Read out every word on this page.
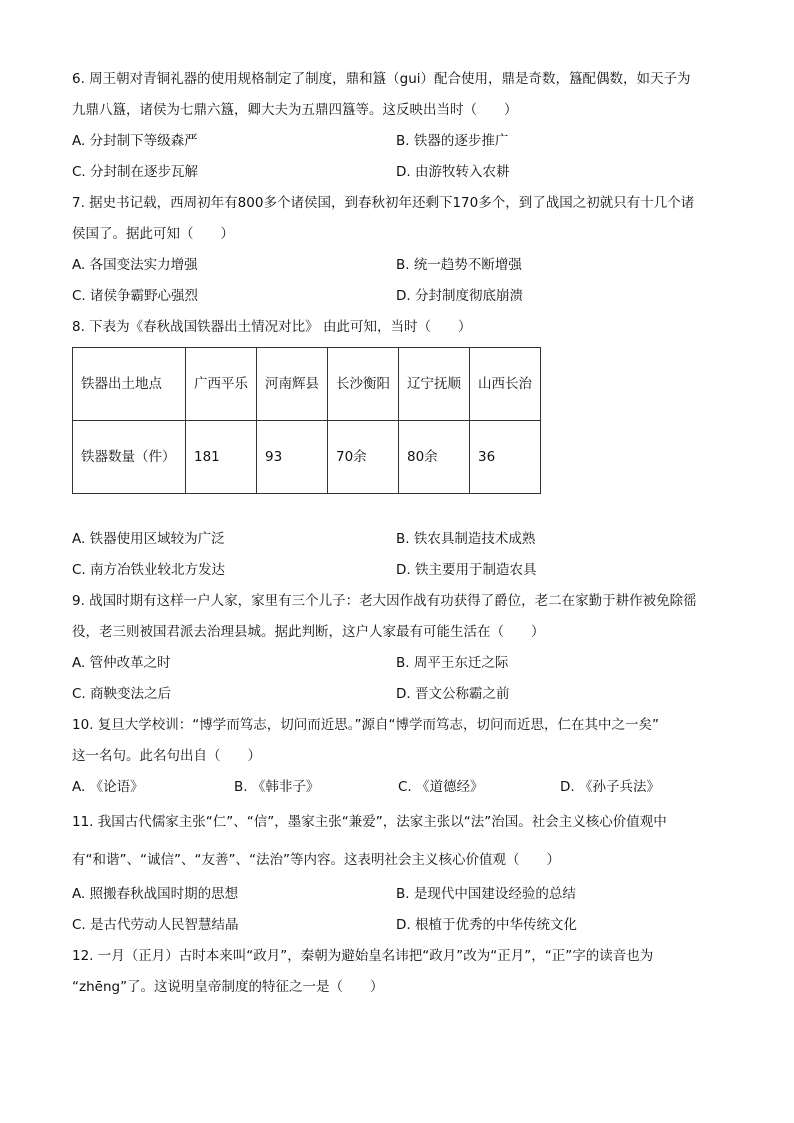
6. 周王朝对青铜礼器的使用规格制定了制度，鼎和簋（gui）配合使用，鼎是奇数，簋配偶数，如天子为

九鼎八簋，诸侯为七鼎六簋，卿大夫为五鼎四簋等。这反映出当时（　　）

A. 分封制下等级森严	B. 铁器的逐步推广
C. 分封制在逐步瓦解	D. 由游牧转入农耕

7. 据史书记载，西周初年有800多个诸侯国，到春秋初年还剩下170多个，到了战国之初就只有十几个诸

侯国了。据此可知（　　）

A. 各国变法实力增强	B. 统一趋势不断增强
C. 诸侯争霸野心强烈	D. 分封制度彻底崩溃

8. 下表为《春秋战国铁器出土情况对比》 由此可知，当时（　　）

铁器出土地点	广西平乐	河南辉县	长沙衡阳	辽宁抚顺	山西长治
铁器数量（件）	181	93	70余	80余	36
A. 铁器使用区域较为广泛	B. 铁农具制造技术成熟
C. 南方冶铁业较北方发达	D. 铁主要用于制造农具

9. 战国时期有这样一户人家，家里有三个儿子：老大因作战有功获得了爵位，老二在家勤于耕作被免除徭

役，老三则被国君派去治理县城。据此判断，这户人家最有可能生活在（　　）

A. 管仲改革之时	B. 周平王东迁之际
C. 商鞅变法之后	D. 晋文公称霸之前

10. 复旦大学校训：“博学而笃志，切问而近思。”源自“博学而笃志，切问而近思，仁在其中之一矣”

这一名句。此名句出自（　　）

A. 《论语》	B. 《韩非子》	C. 《道德经》	D. 《孙子兵法》

11. 我国古代儒家主张“仁”、“信”，墨家主张“兼爱”，法家主张以“法”治国。社会主义核心价值观中

有“和谐”、“诚信”、“友善”、“法治”等内容。这表明社会主义核心价值观（　　）

A. 照搬春秋战国时期的思想	B. 是现代中国建设经验的总结
C. 是古代劳动人民智慧结晶	D. 根植于优秀的中华传统文化

12. 一月（正月）古时本来叫“政月”，秦朝为避始皇名讳把“政月”改为“正月”，“正”字的读音也为

“zhēng”了。这说明皇帝制度的特征之一是（　　）
